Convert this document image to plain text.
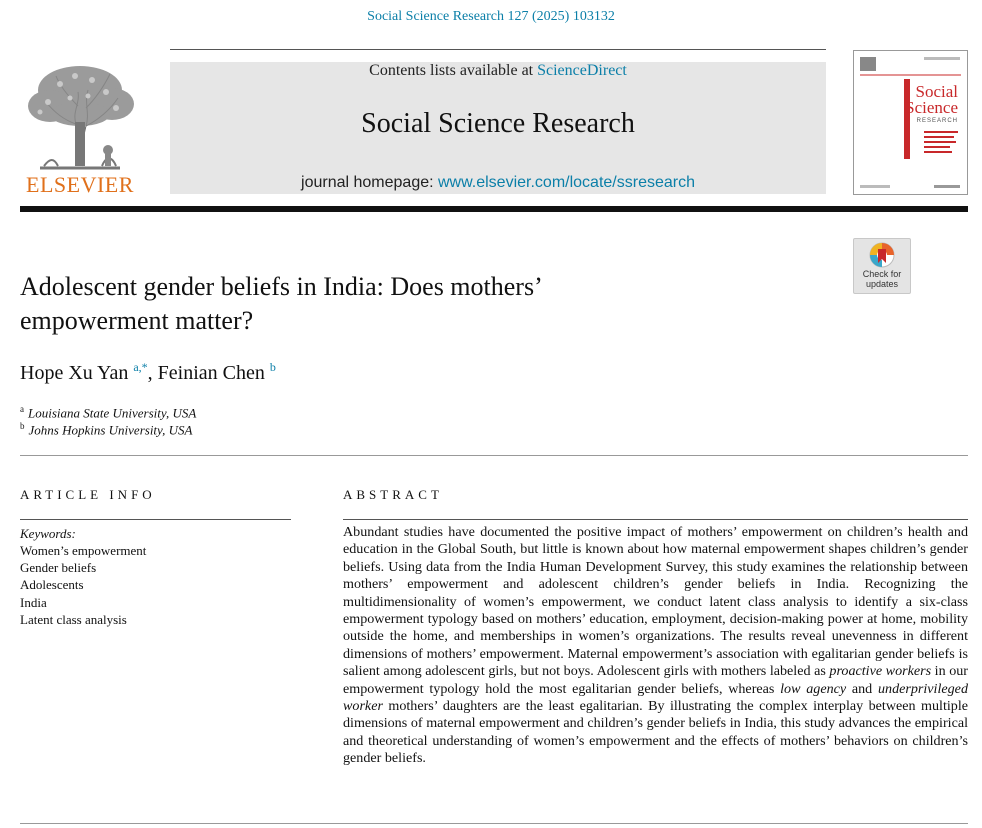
Social Science Research 127 (2025) 103132
ELSEVIER
Contents lists available at ScienceDirect
Social Science Research
journal homepage: www.elsevier.com/locate/ssresearch
Social
Science
RESEARCH
Check for
updates
Adolescent gender beliefs in India: Does mothers’
empowerment matter?
Hope Xu Yan $^{a,*}$, Feinian Chen $^b$
$^a$ Louisiana State University, USA
$^b$ Johns Hopkins University, USA
ARTICLE INFO	ABSTRACT
Keywords:
Women’s empowerment
Gender beliefs
Adolescents
India
Latent class analysis
Abundant studies have documented the positive impact of mothers’ empowerment on children’s health and education in the Global South, but little is known about how maternal empowerment shapes children’s gender beliefs. Using data from the India Human Development Survey, this study examines the relationship between mothers’ empowerment and adolescent children’s gender beliefs in India. Recognizing the multidimensionality of women’s empowerment, we conduct latent class analysis to identify a six-class empowerment typology based on mothers’ education, employment, decision-making power at home, mobility outside the home, and memberships in women’s organizations. The results reveal unevenness in different dimensions of mothers’ empowerment. Maternal empowerment’s association with egalitarian gender beliefs is salient among adolescent girls, but not boys. Adolescent girls with mothers labeled as proactive workers in our empowerment typology hold the most egalitarian gender beliefs, whereas low agency and underprivileged worker mothers’ daughters are the least egalitarian. By illustrating the complex interplay between multiple dimensions of maternal empowerment and children’s gender beliefs in India, this study advances the empirical and theoretical understanding of women’s empowerment and the effects of mothers’ behaviors on children’s gender beliefs.
